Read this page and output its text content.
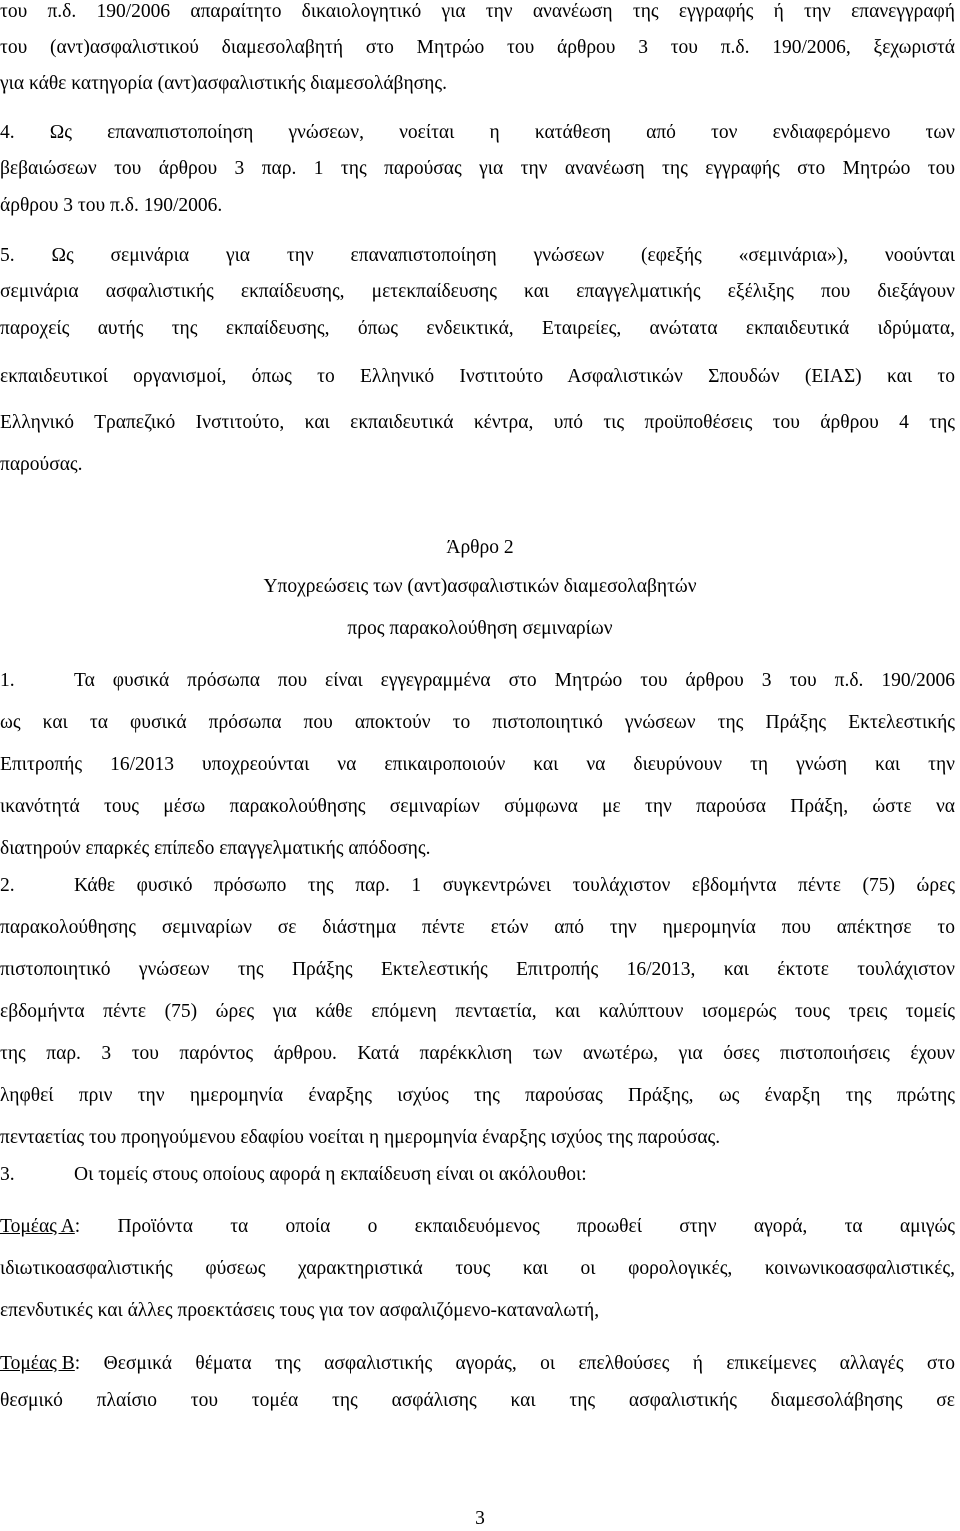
του π.δ. 190/2006 απαραίτητο δικαιολογητικό για την ανανέωση της εγγραφής ή την επανεγγραφή
του (αντ)ασφαλιστικού διαμεσολαβητή στο Μητρώο του άρθρου 3 του π.δ. 190/2006, ξεχωριστά
για κάθε κατηγορία (αντ)ασφαλιστικής διαμεσολάβησης.
4. Ως επαναπιστοποίηση γνώσεων, νοείται η κατάθεση από τον ενδιαφερόμενο των
βεβαιώσεων του άρθρου 3 παρ. 1 της παρούσας για την ανανέωση της εγγραφής στο Μητρώο του
άρθρου 3 του π.δ. 190/2006.
5. Ως σεμινάρια για την επαναπιστοποίηση γνώσεων (εφεξής «σεμινάρια»), νοούνται
σεμινάρια ασφαλιστικής εκπαίδευσης, μετεκπαίδευσης και επαγγελματικής εξέλιξης που διεξάγουν
παροχείς αυτής της εκπαίδευσης, όπως ενδεικτικά, Εταιρείες, ανώτατα εκπαιδευτικά ιδρύματα,
εκπαιδευτικοί οργανισμοί, όπως το Ελληνικό Ινστιτούτο Ασφαλιστικών Σπουδών (ΕΙΑΣ) και το
Ελληνικό Τραπεζικό Ινστιτούτο, και εκπαιδευτικά κέντρα, υπό τις προϋποθέσεις του άρθρου 4 της
παρούσας.
Άρθρο 2
Υποχρεώσεις των (αντ)ασφαλιστικών διαμεσολαβητών
προς παρακολούθηση σεμιναρίων
1.	Τα φυσικά πρόσωπα που είναι εγγεγραμμένα στο Μητρώο του άρθρου 3 του π.δ. 190/2006
ως και τα φυσικά πρόσωπα που αποκτούν το πιστοποιητικό γνώσεων της Πράξης Εκτελεστικής
Επιτροπής 16/2013 υποχρεούνται να επικαιροποιούν και να διευρύνουν τη γνώση και την
ικανότητά τους μέσω παρακολούθησης σεμιναρίων σύμφωνα με την παρούσα Πράξη, ώστε να
διατηρούν επαρκές επίπεδο επαγγελματικής απόδοσης.
2.	Κάθε φυσικό πρόσωπο της παρ. 1 συγκεντρώνει τουλάχιστον εβδομήντα πέντε (75) ώρες
παρακολούθησης σεμιναρίων σε διάστημα πέντε ετών από την ημερομηνία που απέκτησε το
πιστοποιητικό γνώσεων της Πράξης Εκτελεστικής Επιτροπής 16/2013, και έκτοτε τουλάχιστον
εβδομήντα πέντε (75) ώρες για κάθε επόμενη πενταετία, και καλύπτουν ισομερώς τους τρεις τομείς
της παρ. 3 του παρόντος άρθρου. Κατά παρέκκλιση των ανωτέρω, για όσες πιστοποιήσεις έχουν
ληφθεί πριν την ημερομηνία έναρξης ισχύος της παρούσας Πράξης, ως έναρξη της πρώτης
πενταετίας του προηγούμενου εδαφίου νοείται η ημερομηνία έναρξης ισχύος της παρούσας.
3.	Οι τομείς στους οποίους αφορά η εκπαίδευση είναι οι ακόλουθοι:
Τομέας Α : Προϊόντα τα οποία ο εκπαιδευόμενος προωθεί στην αγορά, τα αμιγώς
ιδιωτικοασφαλιστικής φύσεως χαρακτηριστικά τους και οι φορολογικές, κοινωνικοασφαλιστικές,
επενδυτικές και άλλες προεκτάσεις τους για τον ασφαλιζόμενο-καταναλωτή,
Τομέας Β : Θεσμικά θέματα της ασφαλιστικής αγοράς, οι επελθούσες ή επικείμενες αλλαγές στο
θεσμικό πλαίσιο του τομέα της ασφάλισης και της ασφαλιστικής διαμεσολάβησης σε
3
